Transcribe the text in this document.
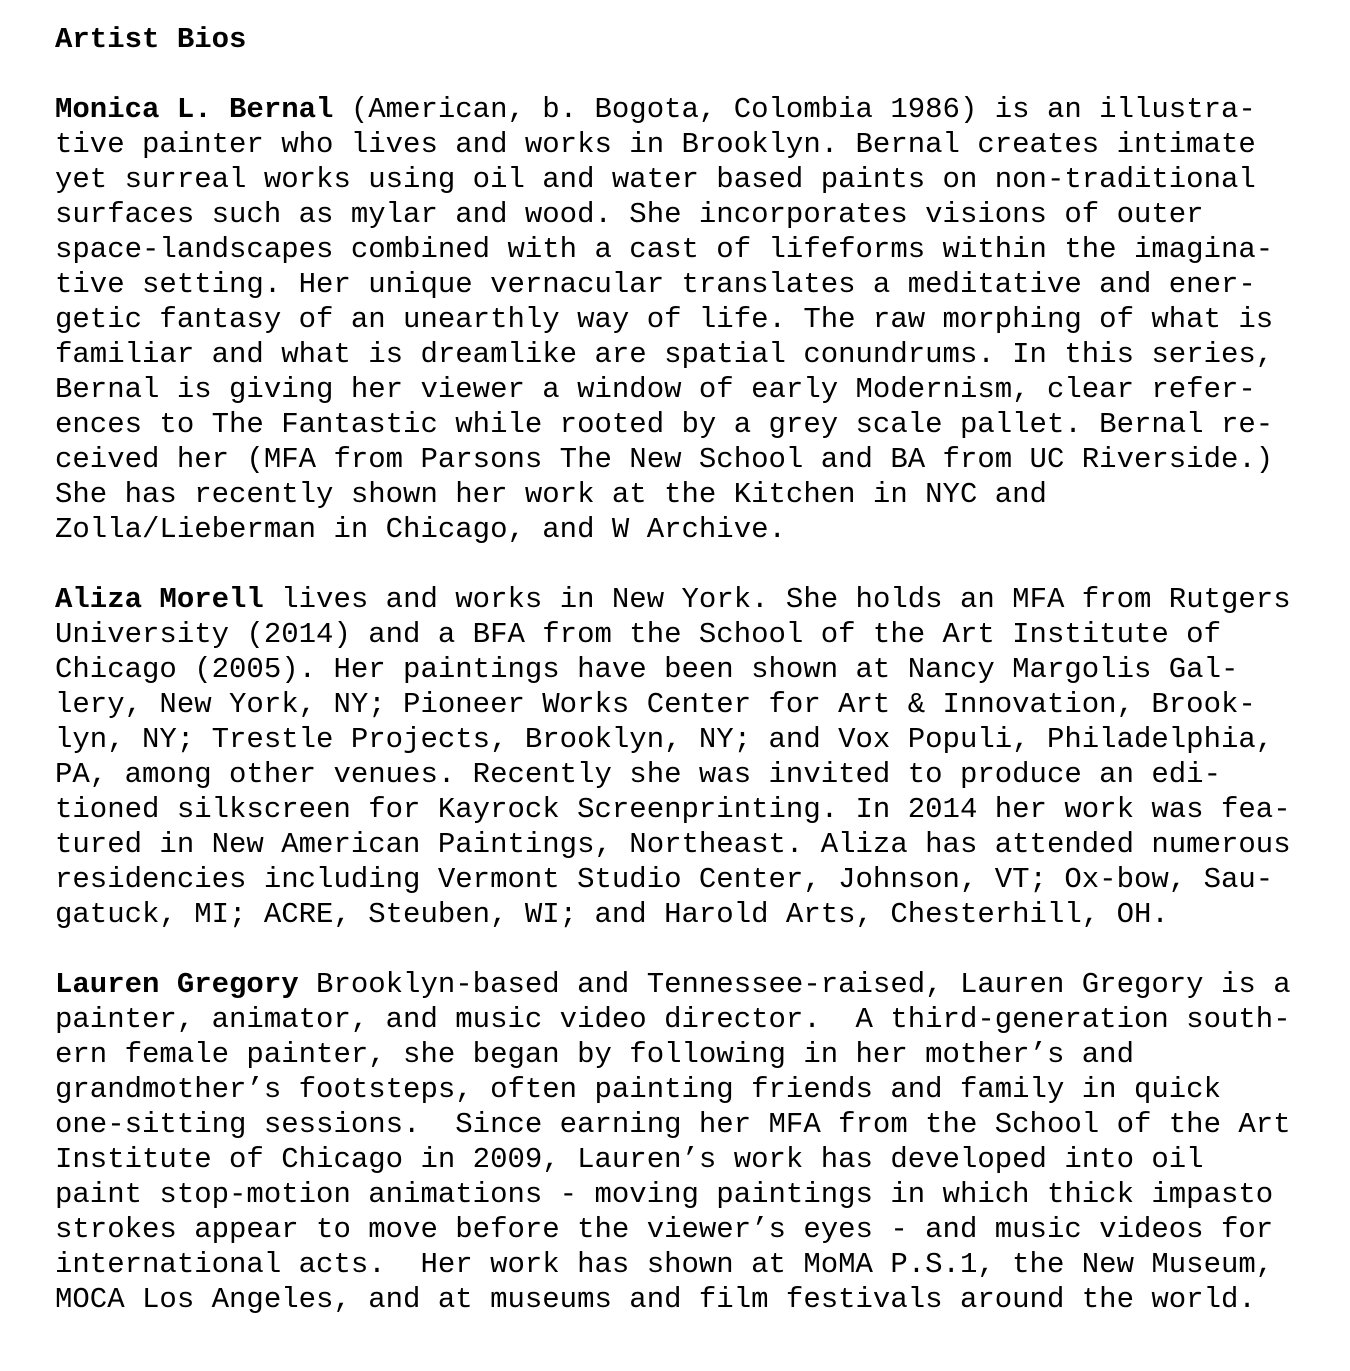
Artist Bios
Monica L. Bernal (American, b. Bogota, Colombia 1986) is an illustra-
tive painter who lives and works in Brooklyn. Bernal creates intimate
yet surreal works using oil and water based paints on non-traditional
surfaces such as mylar and wood. She incorporates visions of outer
space-landscapes combined with a cast of lifeforms within the imagina-
tive setting. Her unique vernacular translates a meditative and ener-
getic fantasy of an unearthly way of life. The raw morphing of what is
familiar and what is dreamlike are spatial conundrums. In this series,
Bernal is giving her viewer a window of early Modernism, clear refer-
ences to The Fantastic while rooted by a grey scale pallet. Bernal re-
ceived her (MFA from Parsons The New School and BA from UC Riverside.)
She has recently shown her work at the Kitchen in NYC and
Zolla/Lieberman in Chicago, and W Archive.
Aliza Morell lives and works in New York. She holds an MFA from Rutgers
University (2014) and a BFA from the School of the Art Institute of
Chicago (2005). Her paintings have been shown at Nancy Margolis Gal-
lery, New York, NY; Pioneer Works Center for Art & Innovation, Brook-
lyn, NY; Trestle Projects, Brooklyn, NY; and Vox Populi, Philadelphia,
PA, among other venues. Recently she was invited to produce an edi-
tioned silkscreen for Kayrock Screenprinting. In 2014 her work was fea-
tured in New American Paintings, Northeast. Aliza has attended numerous
residencies including Vermont Studio Center, Johnson, VT; Ox-bow, Sau-
gatuck, MI; ACRE, Steuben, WI; and Harold Arts, Chesterhill, OH.
Lauren Gregory Brooklyn-based and Tennessee-raised, Lauren Gregory is a
painter, animator, and music video director.  A third-generation south-
ern female painter, she began by following in her mother’s and
grandmother’s footsteps, often painting friends and family in quick
one-sitting sessions.  Since earning her MFA from the School of the Art
Institute of Chicago in 2009, Lauren’s work has developed into oil
paint stop-motion animations - moving paintings in which thick impasto
strokes appear to move before the viewer’s eyes - and music videos for
international acts.  Her work has shown at MoMA P.S.1, the New Museum,
MOCA Los Angeles, and at museums and film festivals around the world.
